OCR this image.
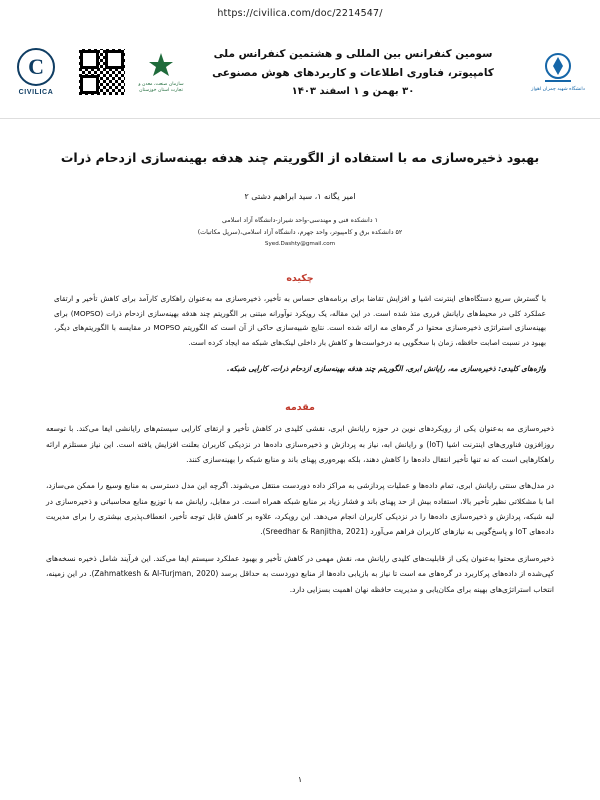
https://civilica.com/doc/2214547/
C
CIVILICA
سازمان صنعت، معدن و تجارت استان خوزستان
سومین کنفرانس بین المللی و هشتمین کنفرانس ملی
کامپیوتر، فناوری اطلاعات و کاربردهای هوش مصنوعی
۳۰ بهمن و ۱ اسفند ۱۴۰۳	دانشگاه شهید چمران اهواز
بهبود ذخیره‌سازی مه با استفاده از الگوریتم چند هدفه بهینه‌سازی ازدحام ذرات
امیر یگانه ۱، سید ابراهیم دشتی ۲
۱ دانشکده فنی و مهندسی-واحد شیراز-دانشگاه آزاد اسلامی
۵۲ دانشکده برق و کامپیوتر، واحد جهرم، دانشگاه آزاد اسلامی،(سرپل مکاتبات)
Syed.Dashty@gmail.com
چکیده
با گسترش سریع دستگاه‌های اینترنت اشیا و افزایش تقاضا برای برنامه‌های حساس به تأخیر، ذخیره‌سازی مه به‌عنوان راهکاری کارآمد برای کاهش تأخیر و ارتقای عملکرد کلی در محیط‌های رایانش فرری متذ شده است. در این مقاله، یک رویکرد نوآورانه مبتنی بر الگوریتم چند هدفه بهینه‌سازی ازدحام ذرات (MOPSO) برای بهینه‌سازی استراتژی ذخیره‌سازی محتوا در گره‌های مه ارائه شده است. نتایج شبیه‌سازی حاکی از آن است که الگوریتم MOPSO در مقایسه با الگوریتم‌های دیگر، بهبود در نسبت اصابت حافظه، زمان با سخگویی به درخواست‌ها و کاهش بار داخلی لینک‌های شبکه مه ایجاد کرده است.
واژه‌های کلیدی: ذخیره‌سازی مه، رایانش ابری، الگوریتم چند هدفه بهینه‌سازی ازدحام ذرات، کارایی شبکه.
مقدمه
ذخیره‌سازی مه به‌عنوان یکی از رویکردهای نوین در حوزه رایانش ابری، نقشی کلیدی در کاهش تأخیر و ارتقای کارایی سیستم‌های رایانشی ایفا می‌کند. با توسعه روزافزون فناوری‌های اینترنت اشیا (IoT) و رایانش ابه، نیاز به پردازش و ذخیره‌سازی داده‌ها در نزدیکی کاربران بعلنت افزایش یافته است. این نیاز مستلزم ارائه راهکارهایی است که نه تنها تأخیر انتقال داده‌ها را کاهش دهند، بلکه بهره‌وری پهنای باند و منابع شبکه را بهینه‌سازی کنند.
در مدل‌های سنتی رایانش ابری، تمام داده‌ها و عملیات پردازشی به مراکز داده دوردست منتقل می‌شوند. اگرچه این مدل دسترسی به منابع وسیع را ممکن می‌سازد، اما با مشکلاتی نظیر تأخیر بالا، استفاده بیش از حد پهنای باند و فشار زیاد بر منابع شبکه همراه است. در مقابل، رایانش مه با توزیع منابع محاسباتی و ذخیره‌سازی در لبه شبکه، پردازش و ذخیره‌سازی داده‌ها را در نزدیکی کاربران انجام می‌دهد. این رویکرد، علاوه بر کاهش قابل توجه تأخیر، انعطاف‌پذیری بیشتری را برای مدیریت داده‌های IoT و پاسخ‌گویی به نیازهای کاربران فراهم می‌آورد (Sreedhar & Ranjitha, 2021).
ذخیره‌سازی محتوا به‌عنوان یکی از قابلیت‌های کلیدی رایانش مه، نقش مهمی در کاهش تأخیر و بهبود عملکرد سیستم ایفا می‌کند. این فرآیند شامل ذخیره نسخه‌های کپی‌شده از داده‌های پرکاربرد در گره‌های مه است تا نیاز به بازیابی داده‌ها از منابع دوردست به حداقل برسد (Zahmatkesh & Al-Turjman, 2020). در این زمینه، انتخاب استراتژی‌های بهینه برای مکان‌یابی و مدیریت حافظه نهان اهمیت بسزایی دارد.
۱
